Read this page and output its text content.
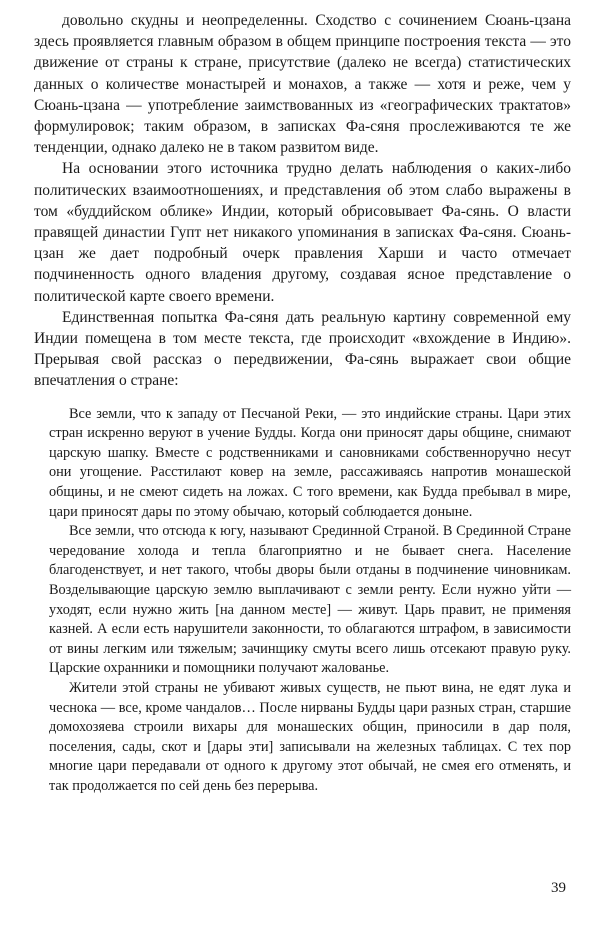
довольно скудны и неопределенны. Сходство с сочинением Сюань-цзана здесь проявляется главным образом в общем принципе построения текста — это движение от страны к стране, присутствие (далеко не всегда) статистических данных о количестве монастырей и монахов, а также — хотя и реже, чем у Сюань-цзана — употребление заимствованных из «географических трактатов» формулировок; таким образом, в записках Фа-сяня прослеживаются те же тенденции, однако далеко не в таком развитом виде.

На основании этого источника трудно делать наблюдения о каких-либо политических взаимоотношениях, и представления об этом слабо выражены в том «буддийском облике» Индии, который обрисовывает Фа-сянь. О власти правящей династии Гупт нет никакого упоминания в записках Фа-сяня. Сюань-цзан же дает подробный очерк правления Харши и часто отмечает подчиненность одного владения другому, создавая ясное представление о политической карте своего времени.

Единственная попытка Фа-сяня дать реальную картину современной ему Индии помещена в том месте текста, где происходит «вхождение в Индию». Прерывая свой рассказ о передвижении, Фа-сянь выражает свои общие впечатления о стране:

Все земли, что к западу от Песчаной Реки, — это индийские страны. Цари этих стран искренно веруют в учение Будды. Когда они приносят дары общине, снимают царскую шапку. Вместе с родственниками и сановниками собственноручно несут они угощение. Расстилают ковер на земле, рассаживаясь напротив монашеской общины, и не смеют сидеть на ложах. С того времени, как Будда пребывал в мире, цари приносят дары по этому обычаю, который соблюдается доныне.

Все земли, что отсюда к югу, называют Срединной Страной. В Срединной Стране чередование холода и тепла благоприятно и не бывает снега. Население благоденствует, и нет такого, чтобы дворы были отданы в подчинение чиновникам. Возделывающие царскую землю выплачивают с земли ренту. Если нужно уйти — уходят, если нужно жить [на данном месте] — живут. Царь правит, не применяя казней. А если есть нарушители законности, то облагаются штрафом, в зависимости от вины легким или тяжелым; зачинщику смуты всего лишь отсекают правую руку. Царские охранники и помощники получают жалованье.

Жители этой страны не убивают живых существ, не пьют вина, не едят лука и чеснока — все, кроме чандалов… После нирваны Будды цари разных стран, старшие домохозяева строили вихары для монашеских общин, приносили в дар поля, поселения, сады, скот и [дары эти] записывали на железных таблицах. С тех пор многие цари передавали от одного к другому этот обычай, не смея его отменять, и так продолжается по сей день без перерыва.

39
